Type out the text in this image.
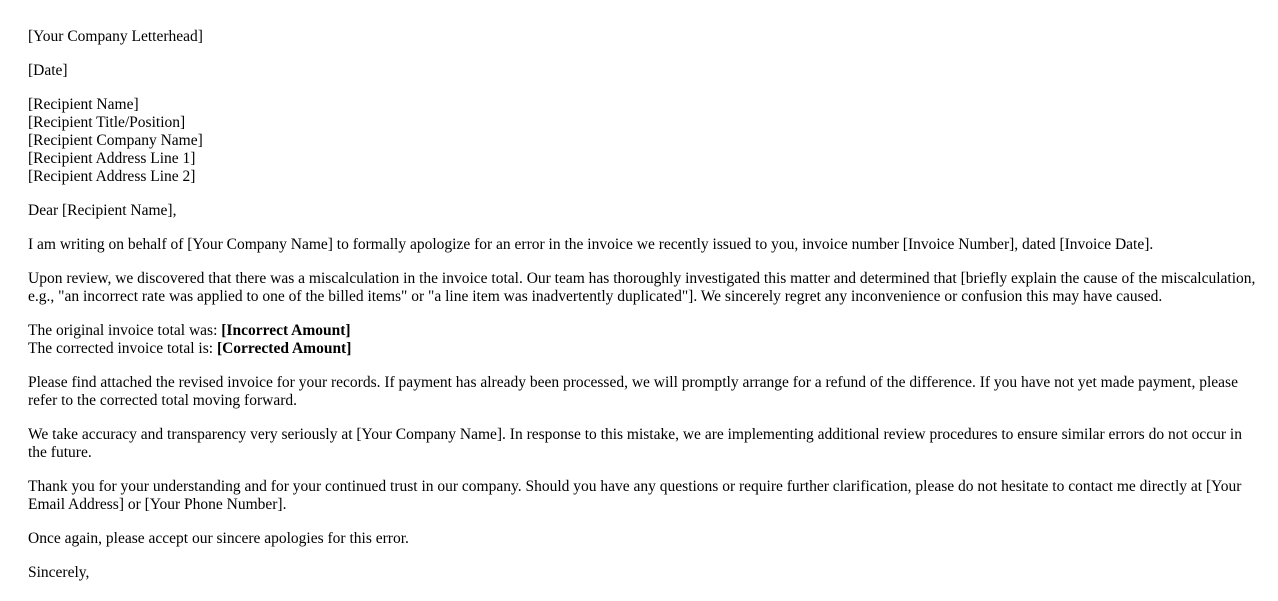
[Your Company Letterhead]

[Date]

[Recipient Name]
[Recipient Title/Position]
[Recipient Company Name]
[Recipient Address Line 1]
[Recipient Address Line 2]

Dear [Recipient Name],

I am writing on behalf of [Your Company Name] to formally apologize for an error in the invoice we recently issued to you, invoice number [Invoice Number], dated [Invoice Date].

Upon review, we discovered that there was a miscalculation in the invoice total. Our team has thoroughly investigated this matter and determined that [briefly explain the cause of the miscalculation, e.g., "an incorrect rate was applied to one of the billed items" or "a line item was inadvertently duplicated"]. We sincerely regret any inconvenience or confusion this may have caused.

The original invoice total was: [Incorrect Amount]
The corrected invoice total is: [Corrected Amount]

Please find attached the revised invoice for your records. If payment has already been processed, we will promptly arrange for a refund of the difference. If you have not yet made payment, please refer to the corrected total moving forward.

We take accuracy and transparency very seriously at [Your Company Name]. In response to this mistake, we are implementing additional review procedures to ensure similar errors do not occur in the future.

Thank you for your understanding and for your continued trust in our company. Should you have any questions or require further clarification, please do not hesitate to contact me directly at [Your Email Address] or [Your Phone Number].

Once again, please accept our sincere apologies for this error.

Sincerely,
